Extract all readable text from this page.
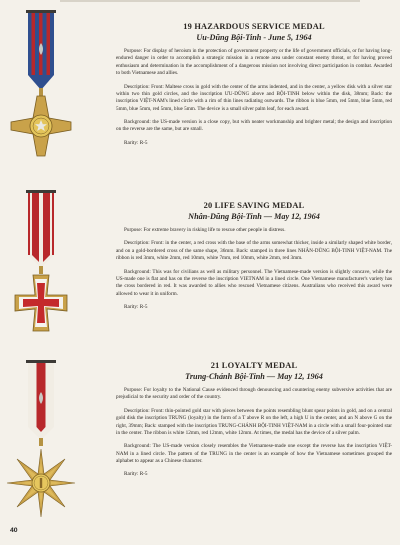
19 HAZARDOUS SERVICE MEDAL
Uu-Dũng Bội-Tinh - June 5, 1964

Purpose: For display of heroism in the protection of government property or the life of government officials, or for having long-endured danger in order to accomplish a strategic mission in a remote area under constant enemy threat, or for having proved enthusiasm and determination in the accomplishment of a dangerous mission not involving direct participation in combat. Awarded to both Vietnamese and allies.

Description: Front: Maltese cross in gold with the center of the arms indented, and in the center, a yellow disk with a silver star within two thin gold circles, and the inscription ƯU-DŨNG above and BỘI-TINH below within the disk, 38mm; Back: the inscription VIỆT-NAM's lined circle with a rim of thin lines radiating outwards. The ribbon is blue 5mm, red 5mm, blue 5mm, red 5mm, blue 5mm, red 5mm, blue 5mm. The device is a small silver palm leaf, for each award.

Background: the US-made version is a close copy, but with neater workmanship and brighter metal; the design and inscription on the reverse are the same, but are small.

Rarity: R-5

20 LIFE SAVING MEDAL
Nhân-Dũng Bội-Tinh — May 12, 1964

Purpose: For extreme bravery in risking life to rescue other people in distress.

Description: Front: in the center, a red cross with the base of the arms somewhat thicker, inside a similarly shaped white border, and on a gold-bordered cross of the same shape, 36mm. Back: stamped in three lines NHÂN-DŨNG BỘI-TINH VIỆT-NAM. The ribbon is red 3mm, white 2mm, red 10mm, white 7mm, red 10mm, white 2mm, red 3mm.

Background: This was for civilians as well as military personnel. The Vietnamese-made version is slightly concave, while the US-made one is flat and has on the reverse the inscription VIETNAM in a lined circle. One Vietnamese manufacturer's variety has the cross bordered in red. It was awarded to allies who rescued Vietnamese citizens. Australians who received this award were allowed to wear it in uniform.

Rarity: R-5

21 LOYALTY MEDAL
Trung-Chánh Bội-Tinh — May 12, 1964

Purpose: For loyalty to the National Cause evidenced through denouncing and countering enemy subversive activities that are prejudicial to the security and order of the country.

Description: Front: thin-pointed gold star with pieces between the points resembling blunt spear points in gold, and on a central gold disk the inscription TRUNG (loyalty) in the form of a T above R on the left, a high U in the center, and an N above G on the right, 39mm; Back: stamped with the inscription TRUNG-CHÁNH BỘI-TINH VIỆT-NAM in a circle with a small four-pointed star in the center. The ribbon is white 12mm, red 12mm, white 12mm. At times, the medal has the device of a silver palm.

Background: The US-made version closely resembles the Vietnamese-made one except the reverse has the inscription VIỆT-NAM in a lined circle. The pattern of the TRUNG in the center is an example of how the Vietnamese sometimes grouped the alphabet to appear as a Chinese character.

Rarity: R-5

40
